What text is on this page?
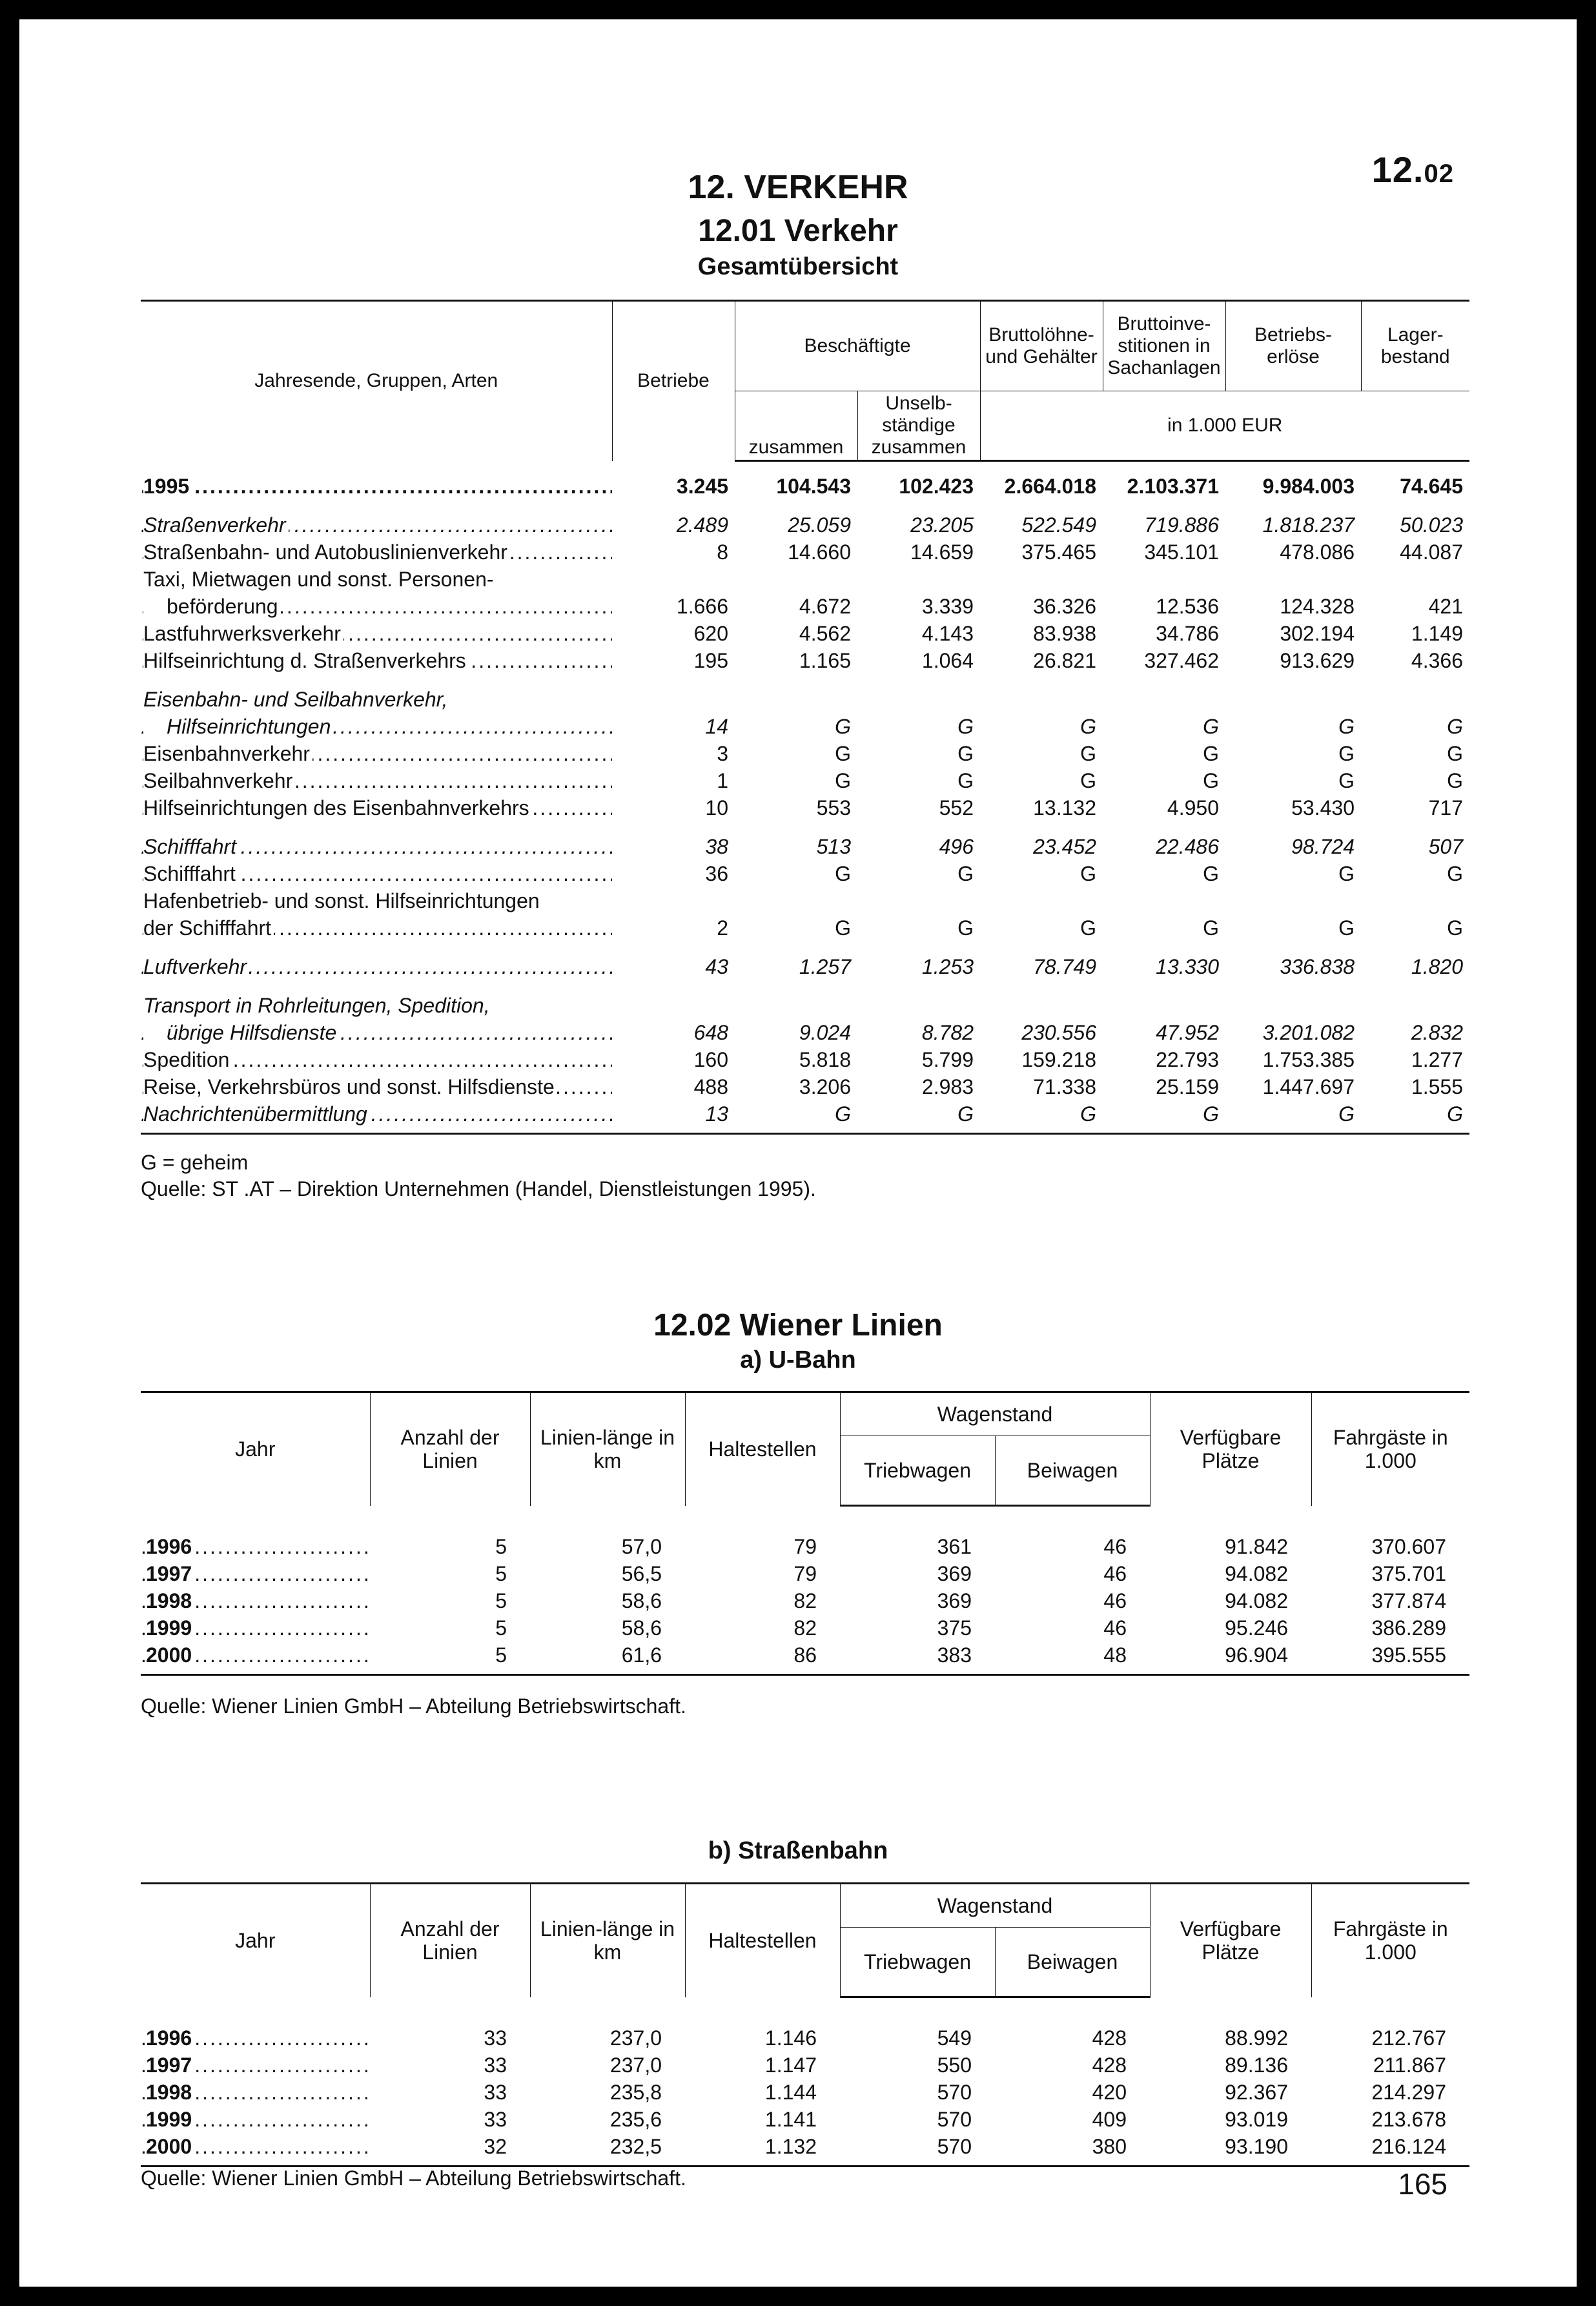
12.02
12. VERKEHR
12.01 Verkehr
Gesamtübersicht
Jahresende, Gruppen, Arten	Betriebe	Beschäftigte		Bruttolöhne- und Gehälter	Bruttoinve-stitionen in Sachanlagen	Betriebs-erlöse	Lager-bestand
		zusammen	Unselb-ständige zusammen	in 1.000 EUR			

1995 .....	3.245	104.543	102.423	2.664.018	2.103.371	9.984.003	74.645

Straßenverkehr .....	2.489	25.059	23.205	522.549	719.886	1.818.237	50.023
Straßenbahn- und Autobuslinienverkehr .....	8	14.660	14.659	375.465	345.101	478.086	44.087
Taxi, Mietwagen und sonst. Personen-							
beförderung .....	1.666	4.672	3.339	36.326	12.536	124.328	421
Lastfuhrwerksverkehr .....	620	4.562	4.143	83.938	34.786	302.194	1.149
Hilfseinrichtung d. Straßenverkehrs .....	195	1.165	1.064	26.821	327.462	913.629	4.366

Eisenbahn- und Seilbahnverkehr,							
Hilfseinrichtungen .....	14	G	G	G	G	G	G
Eisenbahnverkehr .....	3	G	G	G	G	G	G
Seilbahnverkehr .....	1	G	G	G	G	G	G
Hilfseinrichtungen des Eisenbahnverkehrs .....	10	553	552	13.132	4.950	53.430	717

Schifffahrt .....	38	513	496	23.452	22.486	98.724	507
Schifffahrt .....	36	G	G	G	G	G	G
Hafenbetrieb- und sonst. Hilfseinrichtungen							
der Schifffahrt .....	2	G	G	G	G	G	G

Luftverkehr .....	43	1.257	1.253	78.749	13.330	336.838	1.820

Transport in Rohrleitungen, Spedition,							
übrige Hilfsdienste .....	648	9.024	8.782	230.556	47.952	3.201.082	2.832
Spedition .....	160	5.818	5.799	159.218	22.793	1.753.385	1.277
Reise, Verkehrsbüros und sonst. Hilfsdienste .....	488	3.206	2.983	71.338	25.159	1.447.697	1.555
Nachrichtenübermittlung .....	13	G	G	G	G	G	G

G = geheim
Quelle: ST .AT – Direktion Unternehmen (Handel, Dienstleistungen 1995).
12.02 Wiener Linien
a) U-Bahn
Jahr	Anzahl der Linien	Linien-länge in km	Haltestellen	Wagenstand		Verfügbare Plätze	Fahrgäste in 1.000
				Triebwagen	Beiwagen		

1996 .....	5	57,0	79	361	46	91.842	370.607
1997 .....	5	56,5	79	369	46	94.082	375.701
1998 .....	5	58,6	82	369	46	94.082	377.874
1999 .....	5	58,6	82	375	46	95.246	386.289
2000 .....	5	61,6	86	383	48	96.904	395.555

Quelle: Wiener Linien GmbH – Abteilung Betriebswirtschaft.
b) Straßenbahn
Jahr	Anzahl der Linien	Linien-länge in km	Haltestellen	Wagenstand		Verfügbare Plätze	Fahrgäste in 1.000
				Triebwagen	Beiwagen		

1996 .....	33	237,0	1.146	549	428	88.992	212.767
1997 .....	33	237,0	1.147	550	428	89.136	211.867
1998 .....	33	235,8	1.144	570	420	92.367	214.297
1999 .....	33	235,6	1.141	570	409	93.019	213.678
2000 .....	32	232,5	1.132	570	380	93.190	216.124

Quelle: Wiener Linien GmbH – Abteilung Betriebswirtschaft.	165
